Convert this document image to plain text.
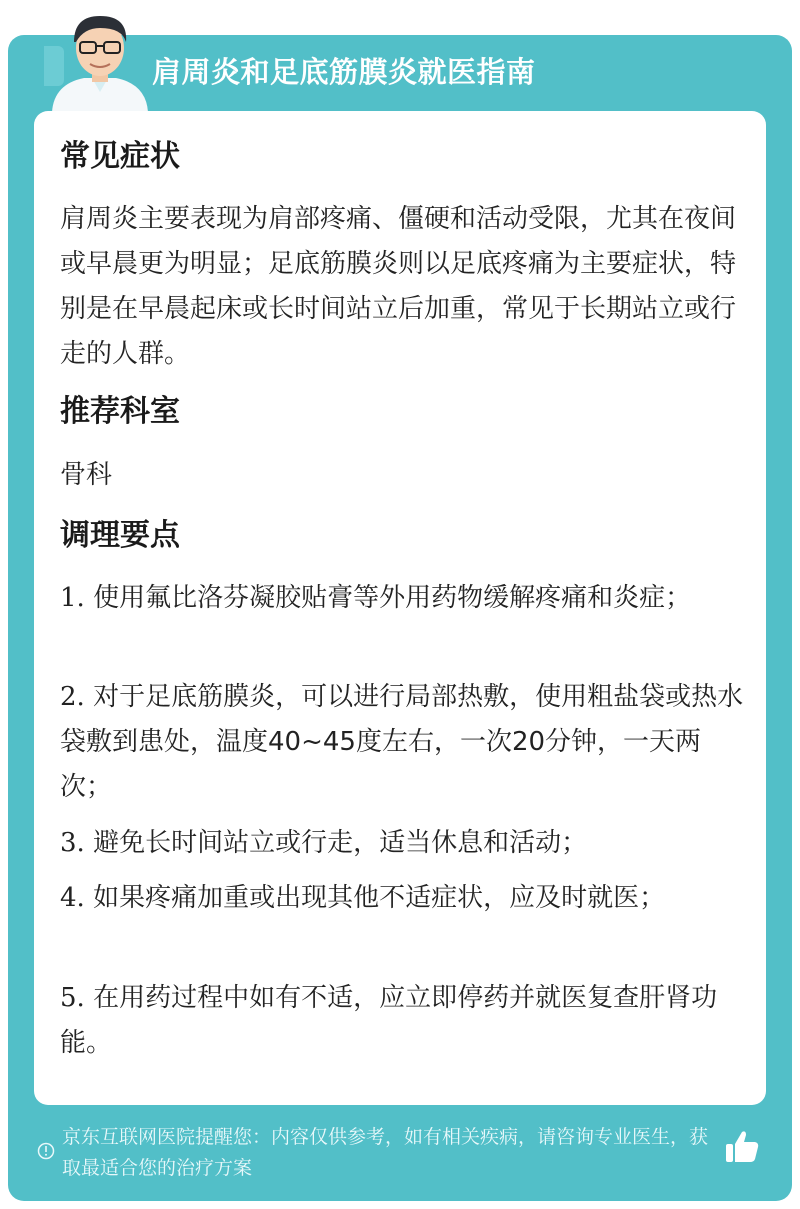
肩周炎和足底筋膜炎就医指南
常见症状

肩周炎主要表现为肩部疼痛、僵硬和活动受限，尤其在夜间或早晨更为明显；足底筋膜炎则以足底疼痛为主要症状，特别是在早晨起床或长时间站立后加重，常见于长期站立或行走的人群。

推荐科室

骨科

调理要点

1. 使用氟比洛芬凝胶贴膏等外用药物缓解疼痛和炎症；

2. 对于足底筋膜炎，可以进行局部热敷，使用粗盐袋或热水袋敷到患处，温度40~45度左右，一次20分钟，一天两次；

3. 避免长时间站立或行走，适当休息和活动；

4. 如果疼痛加重或出现其他不适症状，应及时就医；

5. 在用药过程中如有不适，应立即停药并就医复查肝肾功能。

京东互联网医院提醒您：内容仅供参考，如有相关疾病，请咨询专业医生，获取最适合您的治疗方案
